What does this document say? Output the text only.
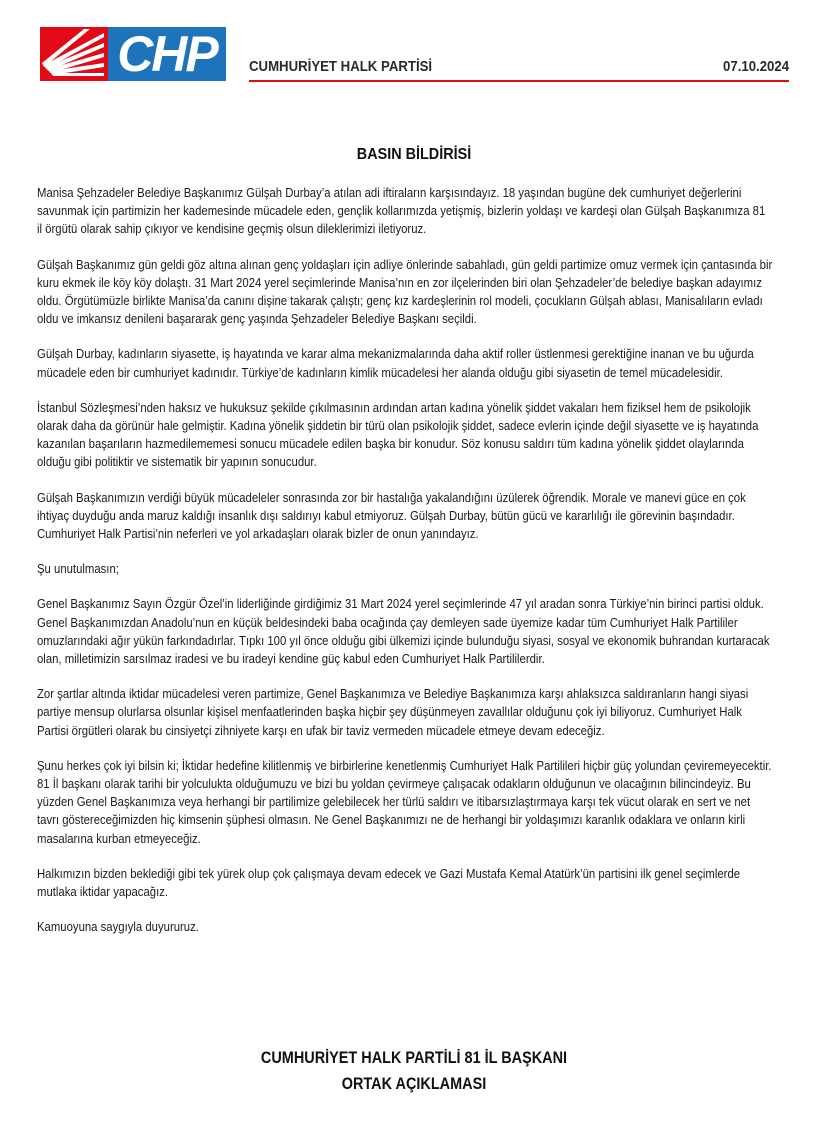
CHP	CUMHURİYET HALK PARTİSİ	07.10.2024
BASIN BİLDİRİSİ

Manisa Şehzadeler Belediye Başkanımız Gülşah Durbay’a atılan adi iftiraların karşısındayız. 18 yaşından bugüne dek cumhuriyet değerlerini savunmak için partimizin her kademesinde mücadele eden, gençlik kollarımızda yetişmiş, bizlerin yoldaşı ve kardeşi olan Gülşah Başkanımıza 81 il örgütü olarak sahip çıkıyor ve kendisine geçmiş olsun dileklerimizi iletiyoruz.

Gülşah Başkanımız gün geldi göz altına alınan genç yoldaşları için adliye önlerinde sabahladı, gün geldi partimize omuz vermek için çantasında bir kuru ekmek ile köy köy dolaştı. 31 Mart 2024 yerel seçimlerinde Manisa’nın en zor ilçelerinden biri olan Şehzadeler’de belediye başkan adayımız oldu. Örgütümüzle birlikte Manisa’da canını dişine takarak çalıştı; genç kız kardeşlerinin rol modeli, çocukların Gülşah ablası, Manisalıların evladı oldu ve imkansız denileni başararak genç yaşında Şehzadeler Belediye Başkanı seçildi.

Gülşah Durbay, kadınların siyasette, iş hayatında ve karar alma mekanizmalarında daha aktif roller üstlenmesi gerektiğine inanan ve bu uğurda mücadele eden bir cumhuriyet kadınıdır. Türkiye’de kadınların kimlik mücadelesi her alanda olduğu gibi siyasetin de temel mücadelesidir.

İstanbul Sözleşmesi’nden haksız ve hukuksuz şekilde çıkılmasının ardından artan kadına yönelik şiddet vakaları hem fiziksel hem de psikolojik olarak daha da görünür hale gelmiştir. Kadına yönelik şiddetin bir türü olan psikolojik şiddet, sadece evlerin içinde değil siyasette ve iş hayatında kazanılan başarıların hazmedilememesi sonucu mücadele edilen başka bir konudur. Söz konusu saldırı tüm kadına yönelik şiddet olaylarında olduğu gibi politiktir ve sistematik bir yapının sonucudur.

Gülşah Başkanımızın verdiği büyük mücadeleler sonrasında zor bir hastalığa yakalandığını üzülerek öğrendik. Morale ve manevi güce en çok ihtiyaç duyduğu anda maruz kaldığı insanlık dışı saldırıyı kabul etmiyoruz. Gülşah Durbay, bütün gücü ve kararlılığı ile görevinin başındadır. Cumhuriyet Halk Partisi’nin neferleri ve yol arkadaşları olarak bizler de onun yanındayız.

Şu unutulmasın;

Genel Başkanımız Sayın Özgür Özel’in liderliğinde girdiğimiz 31 Mart 2024 yerel seçimlerinde 47 yıl aradan sonra Türkiye’nin birinci partisi olduk. Genel Başkanımızdan Anadolu’nun en küçük beldesindeki baba ocağında çay demleyen sade üyemize kadar tüm Cumhuriyet Halk Partililer omuzlarındaki ağır yükün farkındadırlar. Tıpkı 100 yıl önce olduğu gibi ülkemizi içinde bulunduğu siyasi, sosyal ve ekonomik buhrandan kurtaracak olan, milletimizin sarsılmaz iradesi ve bu iradeyi kendine güç kabul eden Cumhuriyet Halk Partililerdir.

Zor şartlar altında iktidar mücadelesi veren partimize, Genel Başkanımıza ve Belediye Başkanımıza karşı ahlaksızca saldıranların hangi siyasi partiye mensup olurlarsa olsunlar kişisel menfaatlerinden başka hiçbir şey düşünmeyen zavallılar olduğunu çok iyi biliyoruz. Cumhuriyet Halk Partisi örgütleri olarak bu cinsiyetçi zihniyete karşı en ufak bir taviz vermeden mücadele etmeye devam edeceğiz.

Şunu herkes çok iyi bilsin ki; İktidar hedefine kilitlenmiş ve birbirlerine kenetlenmiş Cumhuriyet Halk Partilileri hiçbir güç yolundan çeviremeyecektir. 81 İl başkanı olarak tarihi bir yolculukta olduğumuzu ve bizi bu yoldan çevirmeye çalışacak odakların olduğunun ve olacağının bilincindeyiz. Bu yüzden Genel Başkanımıza veya herhangi bir partilimize gelebilecek her türlü saldırı ve itibarsızlaştırmaya karşı tek vücut olarak en sert ve net tavrı göstereceğimizden hiç kimsenin şüphesi olmasın. Ne Genel Başkanımızı ne de herhangi bir yoldaşımızı karanlık odaklara ve onların kirli masalarına kurban etmeyeceğiz.

Halkımızın bizden beklediği gibi tek yürek olup çok çalışmaya devam edecek ve Gazi Mustafa Kemal Atatürk’ün partisini ilk genel seçimlerde mutlaka iktidar yapacağız.

Kamuoyuna saygıyla duyururuz.

CUMHURİYET HALK PARTİLİ 81 İL BAŞKANI
ORTAK AÇIKLAMASI
